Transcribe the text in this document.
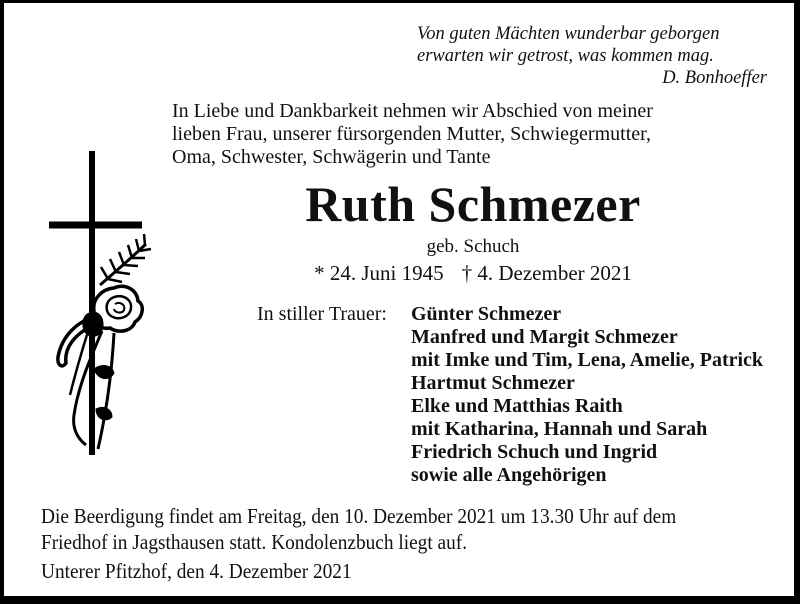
Von guten Mächten wunderbar geborgen
erwarten wir getrost, was kommen mag.
D. Bonhoeffer
In Liebe und Dankbarkeit nehmen wir Abschied von meiner
lieben Frau, unserer fürsorgenden Mutter, Schwiegermutter,
Oma, Schwester, Schwägerin und Tante
Ruth Schmezer
geb. Schuch
* 24. Juni 1945 † 4. Dezember 2021
In stiller Trauer:	Günter Schmezer
Manfred und Margit Schmezer
mit Imke und Tim, Lena, Amelie, Patrick
Hartmut Schmezer
Elke und Matthias Raith
mit Katharina, Hannah und Sarah
Friedrich Schuch und Ingrid
sowie alle Angehörigen
Die Beerdigung findet am Freitag, den 10. Dezember 2021 um 13.30 Uhr auf dem
Friedhof in Jagsthausen statt. Kondolenzbuch liegt auf.
Unterer Pfitzhof, den 4. Dezember 2021
